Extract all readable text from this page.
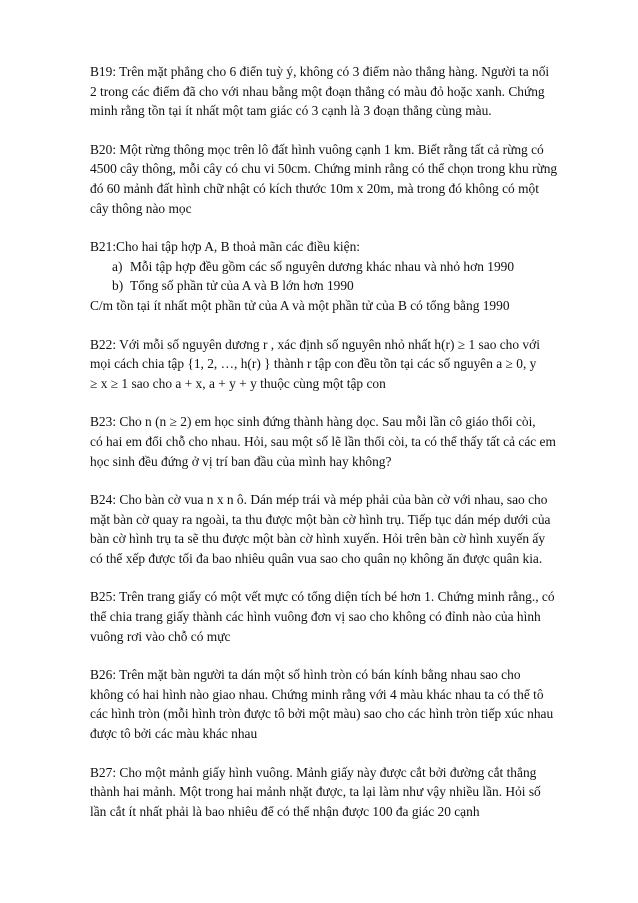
B19: Trên mặt phẳng cho 6 điển tuỳ ý, không có 3 điểm nào thẳng hàng. Người ta nối
2 trong các điểm đã cho với nhau bằng một đoạn thẳng có màu đỏ hoặc xanh. Chứng
minh rằng tồn tại ít nhất một tam giác có 3 cạnh là 3 đoạn thẳng cùng màu.
B20: Một rừng thông mọc trên lô đất hình vuông cạnh 1 km. Biết rằng tất cả rừng có
4500 cây thông, mỗi cây có chu vi 50cm. Chứng minh rằng có thể chọn trong khu rừng
đó 60 mảnh đất hình chữ nhật có kích thước 10m x 20m, mà trong đó không có một
cây thông nào mọc
B21:Cho hai tập hợp A, B thoả mãn các điều kiện:
a) Mỗi tập hợp đều gồm các số nguyên dương khác nhau và nhỏ hơn 1990
b) Tổng số phần tử của A và B lớn hơn 1990
C/m tồn tại ít nhất một phần tử của A và một phần tử của B có tổng bằng 1990
B22: Với mỗi số nguyên dương r , xác định số nguyên nhỏ nhất h(r) ≥ 1 sao cho với
mọi cách chia tập {1, 2, …, h(r) } thành r tập con đều tồn tại các số nguyên a ≥ 0, y
≥ x ≥ 1 sao cho a + x, a + y + y thuộc cùng một tập con
B23: Cho n (n ≥ 2) em học sinh đứng thành hàng dọc. Sau mỗi lần cô giáo thổi còi,
có hai em đổi chỗ cho nhau. Hỏi, sau một số lẽ lần thổi còi, ta có thể thấy tất cả các em
học sinh đều đứng ở vị trí ban đầu của mình hay không?
B24: Cho bàn cờ vua n x n ô. Dán mép trái và mép phải của bàn cờ với nhau, sao cho
mặt bàn cờ quay ra ngoài, ta thu được một bàn cờ hình trụ. Tiếp tục dán mép dưới của
bàn cờ hình trụ ta sẽ thu được một bàn cờ hình xuyến. Hỏi trên bàn cờ hình xuyến ấy
có thể xếp được tối đa bao nhiêu quân vua sao cho quân nọ không ăn được quân kia.
B25: Trên trang giấy có một vết mực có tổng diện tích bé hơn 1. Chứng minh rằng., có
thể chia trang giấy thành các hình vuông đơn vị sao cho không có đỉnh nào của hình
vuông rơi vào chỗ có mực
B26: Trên mặt bàn người ta dán một số hình tròn có bán kính bằng nhau sao cho
không có hai hình nào giao nhau. Chứng minh rằng với 4 màu khác nhau ta có thể tô
các hình tròn (mỗi hình tròn được tô bởi một màu) sao cho các hình tròn tiếp xúc nhau
được tô bởi các màu khác nhau
B27: Cho một mảnh giấy hình vuông. Mảnh giấy này được cắt bởi đường cắt thẳng
thành hai mảnh. Một trong hai mảnh nhặt được, ta lại làm như vậy nhiều lần. Hỏi số
lần cắt ít nhất phải là bao nhiêu để có thể nhận được 100 đa giác 20 cạnh
